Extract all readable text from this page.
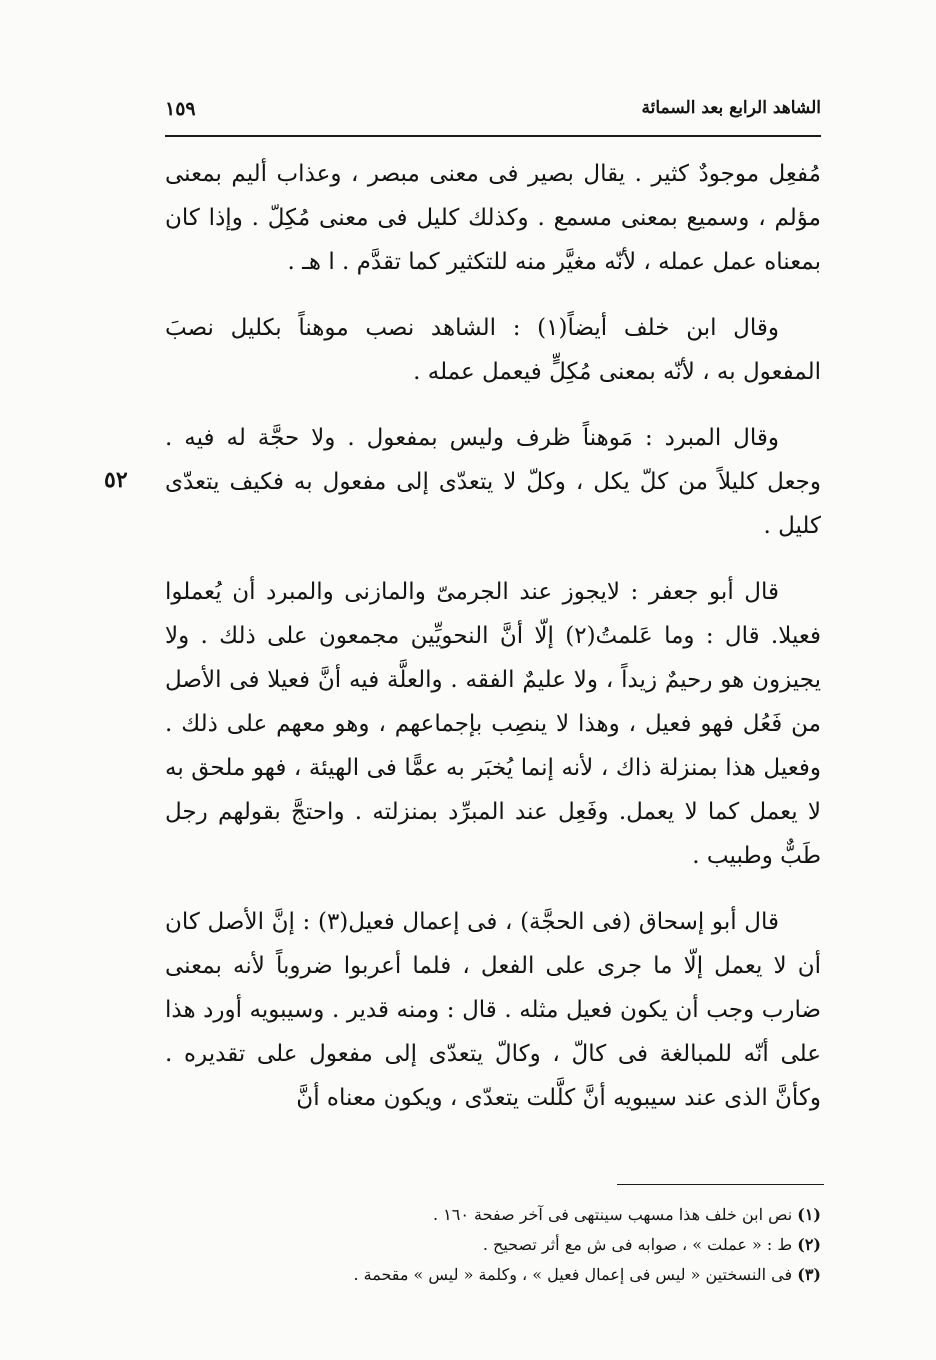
الشاهد الرابع بعد السمائة
١٥٩
٥٢

مُفعِل موجودٌ كثير . يقال بصير فى معنى مبصر ، وعذاب أليم بمعنى مؤلم ، وسميع بمعنى مسمع . وكذلك كليل فى معنى مُكِلّ . وإذا كان بمعناه عمل عمله ، لأنّه مغيَّر منه للتكثير كما تقدَّم . ا هـ .

وقال ابن خلف أيضاً(١) : الشاهد نصب موهناً بكليل نصبَ المفعول به ، لأنّه بمعنى مُكِلٍّ فيعمل عمله .

وقال المبرد : مَوهناً ظرف وليس بمفعول . ولا حجَّة له فيه . وجعل كليلاً من كلّ يكل ، وكلّ لا يتعدّى إلى مفعول به فكيف يتعدّى كليل .

قال أبو جعفر : لايجوز عند الجرمىّ والمازنى والمبرد أن يُعملوا فعيلا. قال : وما عَلمتُ(٢) إلّا أنَّ النحويِّين مجمعون على ذلك . ولا يجيزون هو رحيمٌ زيداً ، ولا عليمٌ الفقه . والعلَّة فيه أنَّ فعيلا فى الأصل من فَعُل فهو فعيل ، وهذا لا ينصِب بإجماعهم ، وهو معهم على ذلك . وفعيل هذا بمنزلة ذاك ، لأنه إنما يُخبَر به عمًّا فى الهيئة ، فهو ملحق به لا يعمل كما لا يعمل. وفَعِل عند المبرِّد بمنزلته . واحتجَّ بقولهم رجل طَبٌّ وطبيب .

قال أبو إسحاق (فى الحجَّة) ، فى إعمال فعيل(٣) : إنَّ الأصل كان أن لا يعمل إلّا ما جرى على الفعل ، فلما أعربوا ضروباً لأنه بمعنى ضارب وجب أن يكون فعيل مثله . قال : ومنه قدير . وسيبويه أورد هذا على أنّه للمبالغة فى كالّ ، وكالّ يتعدّى إلى مفعول على تقديره . وكأنَّ الذى عند سيبويه أنَّ كلَّلت يتعدّى ، ويكون معناه أنَّ

(١) نص ابن خلف هذا مسهب سينتهى فى آخر صفحة ١٦٠ .

(٢) ط : « عملت » ، صوابه فى ش مع أثر تصحيح .

(٣) فى النسختين « ليس فى إعمال فعيل » ، وكلمة « ليس » مقحمة .
